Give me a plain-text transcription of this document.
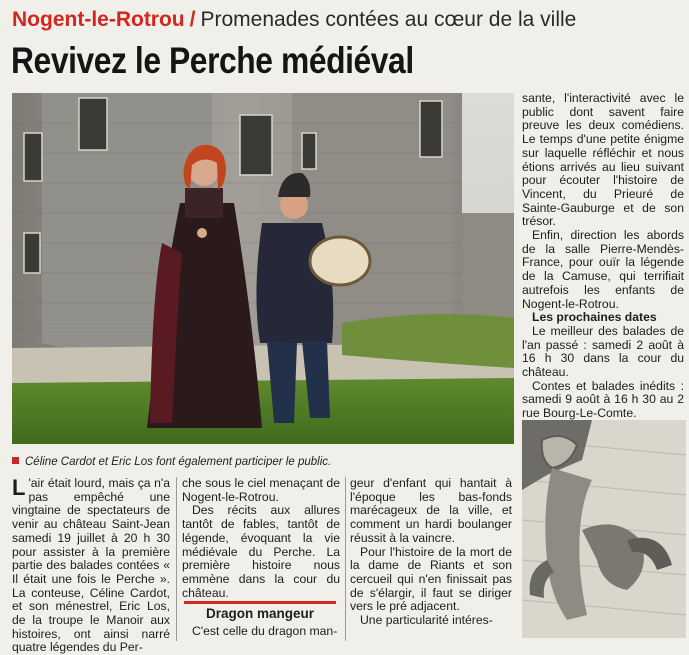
Nogent-le-Rotrou / Promenades contées au cœur de la ville
Revivez le Perche médiéval
Céline Cardot et Eric Los font également participer le public.

sante, l'interactivité avec le public dont savent faire preuve les deux comédiens. Le temps d'une petite énigme sur laquelle réfléchir et nous étions arrivés au lieu suivant pour écouter l'histoire de Vincent, du Prieuré de Sainte-Gauburge et de son trésor.

Enfin, direction les abords de la salle Pierre-Mendès-France, pour ouïr la légende de la Camuse, qui terrifiait autrefois les enfants de Nogent-le-Rotrou.

Les prochaines dates

Le meilleur des balades de l'an passé : samedi 2 août à 16 h 30 dans la cour du château.

Contes et balades inédits : samedi 9 août à 16 h 30 au 2 rue Bourg-Le-Comte.

L 'air était lourd, mais ça n'a pas empêché une vingtaine de spectateurs de venir au château Saint-Jean samedi 19 juillet à 20 h 30 pour assister à la première partie des balades contées « Il était une fois le Perche ». La conteuse, Céline Cardot, et son ménestrel, Eric Los, de la troupe le Manoir aux histoires, ont ainsi narré quatre légendes du Per-

che sous le ciel menaçant de Nogent-le-Rotrou.

Des récits aux allures tantôt de fables, tantôt de légende, évoquant la vie médiévale du Perche. La première histoire nous emmène dans la cour du château.

Dragon mangeur

C'est celle du dragon man-

geur d'enfant qui hantait à l'époque les bas-fonds marécageux de la ville, et comment un hardi boulanger réussit à la vaincre.

Pour l'histoire de la mort de la dame de Riants et son cercueil qui n'en finissait pas de s'élargir, il faut se diriger vers le pré adjacent.

Une particularité intéres-
